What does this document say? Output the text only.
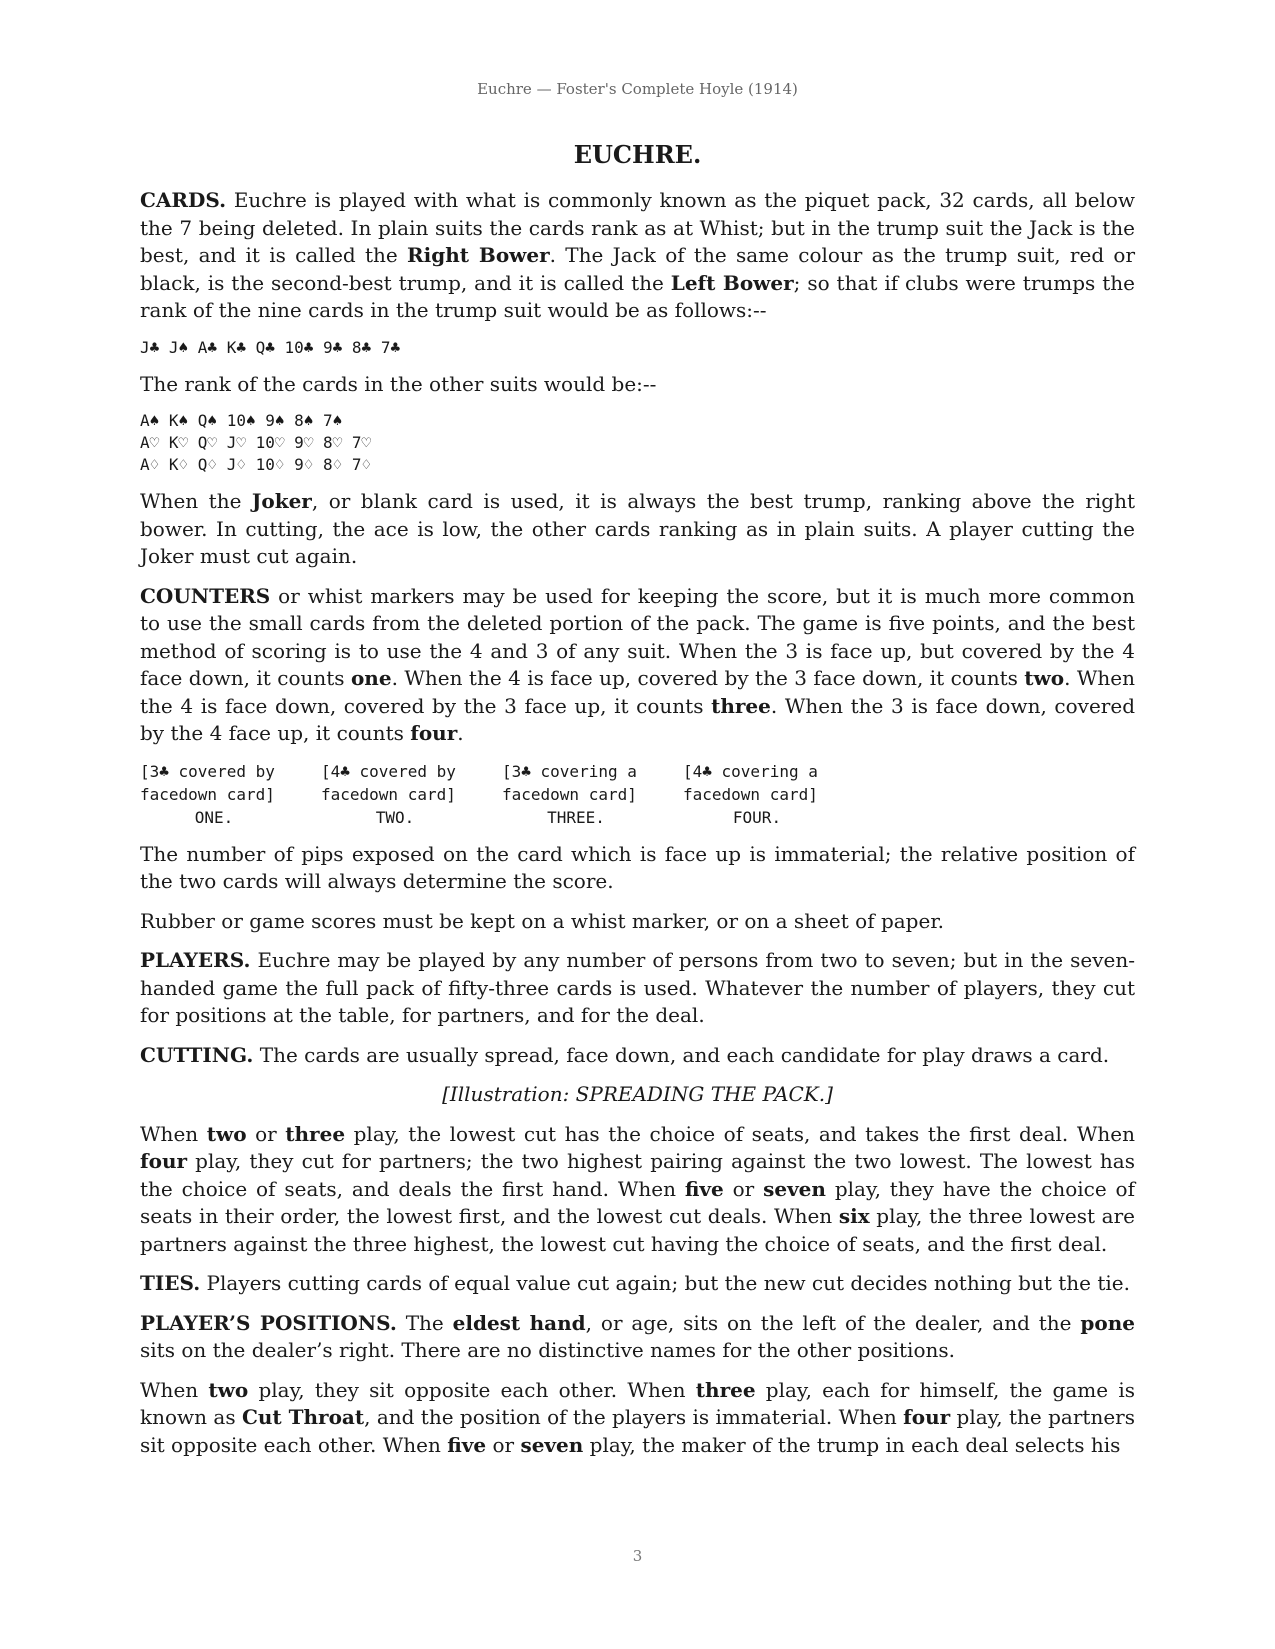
Euchre — Foster's Complete Hoyle (1914)
EUCHRE.

CARDS. Euchre is played with what is commonly known as the piquet pack, 32 cards, all below the 7 being deleted. In plain suits the cards rank as at Whist; but in the trump suit the Jack is the best, and it is called the Right Bower. The Jack of the same colour as the trump suit, red or black, is the second-best trump, and it is called the Left Bower; so that if clubs were trumps the rank of the nine cards in the trump suit would be as follows:--

J♣ J♠ A♣ K♣ Q♣ 10♣ 9♣ 8♣ 7♣

The rank of the cards in the other suits would be:--

A♠ K♠ Q♠ 10♠ 9♠ 8♠ 7♠
A♡ K♡ Q♡ J♡ 10♡ 9♡ 8♡ 7♡
A♢ K♢ Q♢ J♢ 10♢ 9♢ 8♢ 7♢

When the Joker, or blank card is used, it is always the best trump, ranking above the right bower. In cutting, the ace is low, the other cards ranking as in plain suits. A player cutting the Joker must cut again.

COUNTERS or whist markers may be used for keeping the score, but it is much more common to use the small cards from the deleted portion of the pack. The game is five points, and the best method of scoring is to use the 4 and 3 of any suit. When the 3 is face up, but covered by the 4 face down, it counts one. When the 4 is face up, covered by the 3 face down, it counts two. When the 4 is face down, covered by the 3 face up, it counts three. When the 3 is face down, covered by the 4 face up, it counts four.

[3♣ covered by
facedown card]
ONE.
[4♣ covered by
facedown card]
TWO.
[3♣ covering a
facedown card]
THREE.
[4♣ covering a
facedown card]
FOUR.

The number of pips exposed on the card which is face up is immaterial; the relative position of the two cards will always determine the score.

Rubber or game scores must be kept on a whist marker, or on a sheet of paper.

PLAYERS. Euchre may be played by any number of persons from two to seven; but in the seven-handed game the full pack of fifty-three cards is used. Whatever the number of players, they cut for positions at the table, for partners, and for the deal.

CUTTING. The cards are usually spread, face down, and each candidate for play draws a card.

[Illustration: SPREADING THE PACK.]

When two or three play, the lowest cut has the choice of seats, and takes the first deal. When four play, they cut for partners; the two highest pairing against the two lowest. The lowest has the choice of seats, and deals the first hand. When five or seven play, they have the choice of seats in their order, the lowest first, and the lowest cut deals. When six play, the three lowest are partners against the three highest, the lowest cut having the choice of seats, and the first deal.

TIES. Players cutting cards of equal value cut again; but the new cut decides nothing but the tie.

PLAYER’S POSITIONS. The eldest hand, or age, sits on the left of the dealer, and the pone sits on the dealer’s right. There are no distinctive names for the other positions.

When two play, they sit opposite each other. When three play, each for himself, the game is known as Cut Throat, and the position of the players is immaterial. When four play, the partners sit opposite each other. When five or seven play, the maker of the trump in each deal selects his

3
